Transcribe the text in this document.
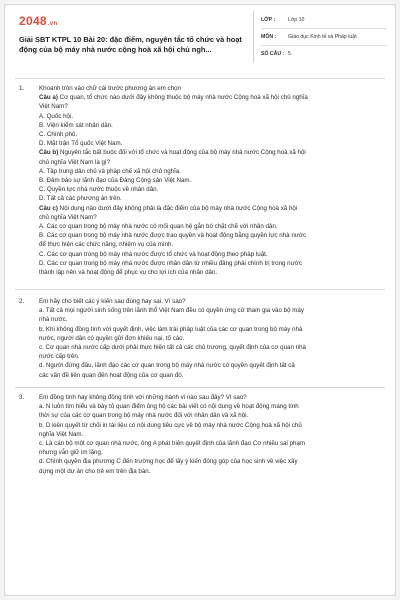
2048.vn
Giải SBT KTPL 10 Bài 20: đặc điểm, nguyên tắc tổ chức và hoạt động của bộ máy nhà nước cộng hoà xã hội chủ ngh...
LỚP : Lớp 10
MÔN : Giáo dục Kinh tế và Pháp luật
SỐ CÂU : 5
1. Khoanh tròn vào chữ cái trước phương án em chọn

Câu a) Cơ quan, tổ chức nào dưới đây không thuộc bộ máy nhà nước Cộng hoà xã hội chủ nghĩa

Việt Nam?

A. Quốc hội.

B. Viện kiểm sát nhân dân.

C. Chính phủ.

D. Mặt trận Tổ quốc Việt Nam.

Câu b) Nguyên tắc bất buộc đối với tổ chức và hoạt động của bộ máy nhà nước Cộng hoà xã hội

chủ nghĩa Việt Nam là gì?

A. Tập trung dân chủ và pháp chế xã hội chủ nghĩa.

B. Đảm bảo sự lãnh đạo của Đảng Cộng sản Việt Nam.

C. Quyền lực nhà nước thuộc về nhân dân.

D. Tất cả các phương án trên.

Câu c) Nội dung nào dưới đây không phải là đặc điểm của bộ máy nhà nước Cộng hoà xã hội

chủ nghĩa Việt Nam?

A. Các cơ quan trong bộ máy nhà nước có mối quan hệ gắn bó chặt chẽ với nhân dân.

B. Các cơ quan trong bộ máy nhà nước được trao quyền và hoạt động bằng quyền lực nhà nước

để thực hiện các chức năng, nhiệm vụ của mình.

C. Các cơ quan trong bộ máy nhà nước được tổ chức và hoạt động theo pháp luật.

D. Các cơ quan trong bộ máy nhà nước được nhân dân từ nhiều đảng phái chính trị trong nước

thành lập nên và hoạt động để phục vụ cho lợi ích của nhân dân.

2. Em hãy cho biết các ý kiến sau đúng hay sai. Vì sao?

a. Tất cả mọi người sinh sống trên lãnh thổ Việt Nam đều có quyền ứng cử tham gia vào bộ máy

nhà nước.

b. Khi không đồng tình với quyết định, việc làm trái pháp luật của các cơ quan trong bộ máy nhà

nước, người dân có quyền gửi đơn khiếu nại, tố cáo.

c. Cơ quan nhà nước cấp dưới phải thực hiện tất cả các chủ trương, quyết định của cơ quan nhà

nước cấp trên.

d. Người đứng đầu, lãnh đạo các cơ quan trong bộ máy nhà nước có quyền quyết định tất cả

các vấn đề liên quan đến hoạt động của cơ quan đó.

3. Em đồng tình hay không đồng tình với những hành vi nào sau đây? Vì sao?

a. N luôn tìm hiểu và bày tỏ quan điểm ủng hộ các bài viết có nội dung về hoạt động mang tính

thời sự của các cơ quan trong bộ máy nhà nước đối với nhân dân và xã hội.

b. D kiên quyết từ chối in tài liệu có nội dung tiêu cực về bộ máy nhà nước Cộng hoà xã hội chủ

nghĩa Việt Nam.

c. Là cán bộ một cơ quan nhà nước, ông A phát hiện quyết định của lãnh đạo Cơ nhiều sai phạm

nhưng vẫn giữ im lặng.

d. Chính quyền địa phương C đến trường học để lấy ý kiến đóng góp của học sinh về việc xây

dựng một dự án cho trẻ em trên địa bàn.
